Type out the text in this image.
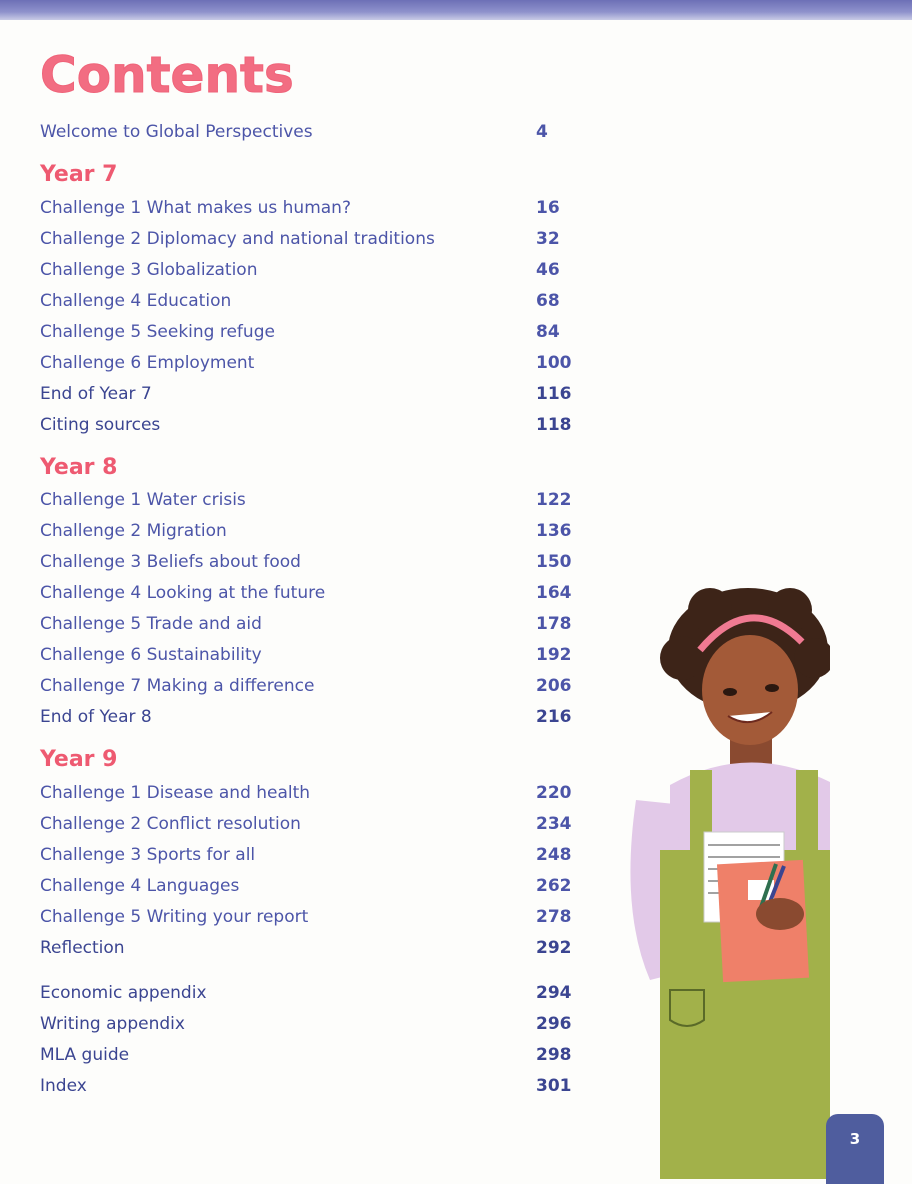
Contents
Welcome to Global Perspectives	4
Year 7
Challenge 1 What makes us human?	16
Challenge 2 Diplomacy and national traditions	32
Challenge 3 Globalization	46
Challenge 4 Education	68
Challenge 5 Seeking refuge	84
Challenge 6 Employment	100
End of Year 7	116
Citing sources	118
Year 8
Challenge 1 Water crisis	122
Challenge 2 Migration	136
Challenge 3 Beliefs about food	150
Challenge 4 Looking at the future	164
Challenge 5 Trade and aid	178
Challenge 6 Sustainability	192
Challenge 7 Making a difference	206
End of Year 8	216
Year 9
Challenge 1 Disease and health	220
Challenge 2 Conflict resolution	234
Challenge 3 Sports for all	248
Challenge 4 Languages	262
Challenge 5 Writing your report	278
Reflection	292
Economic appendix	294
Writing appendix	296
MLA guide	298
Index	301
3
